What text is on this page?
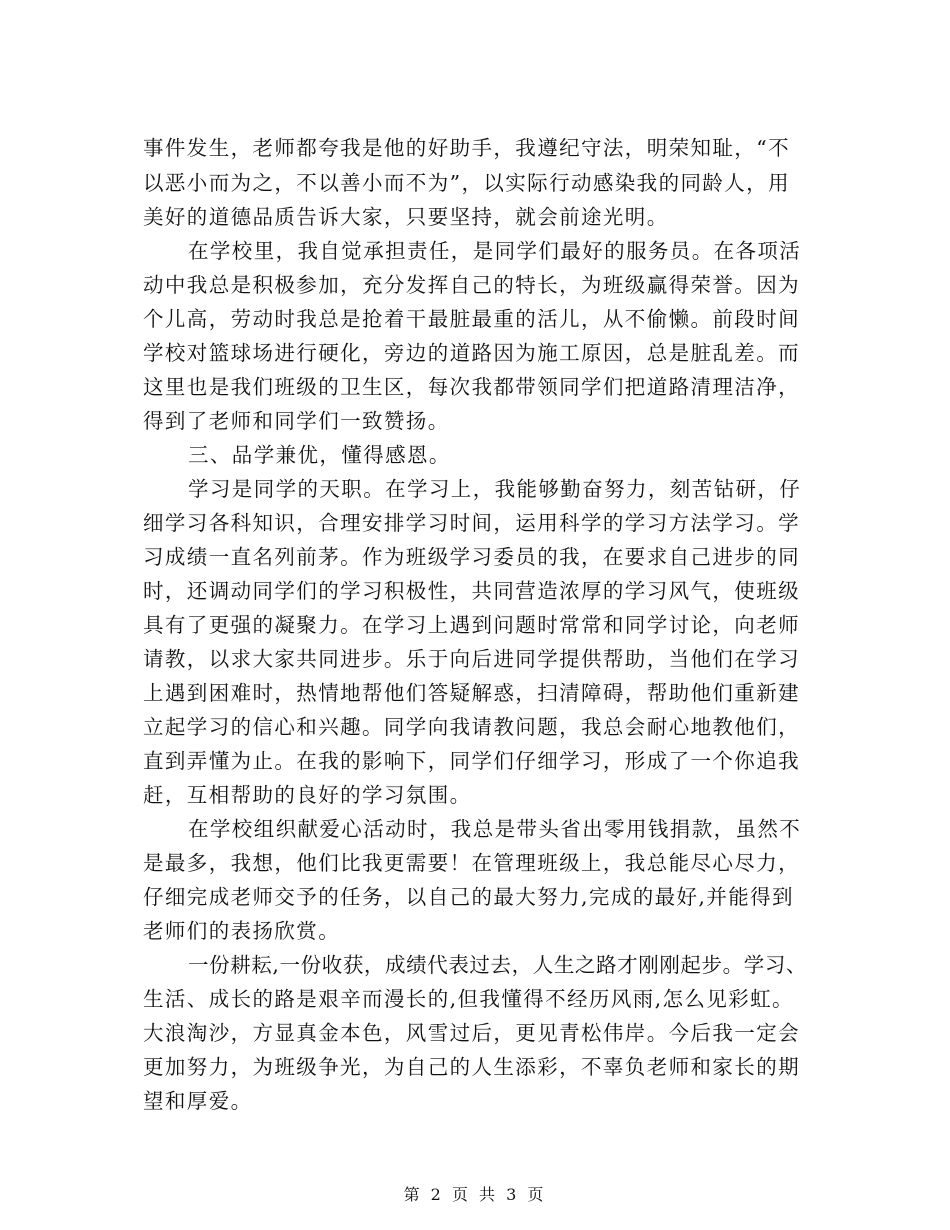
事件发生，老师都夸我是他的好助手，我遵纪守法，明荣知耻，“不
以恶小而为之，不以善小而不为”，以实际行动感染我的同龄人，用
美好的道德品质告诉大家，只要坚持，就会前途光明。
在学校里，我自觉承担责任，是同学们最好的服务员。在各项活
动中我总是积极参加，充分发挥自己的特长，为班级赢得荣誉。因为
个儿高，劳动时我总是抢着干最脏最重的活儿，从不偷懒。前段时间
学校对篮球场进行硬化，旁边的道路因为施工原因，总是脏乱差。而
这里也是我们班级的卫生区，每次我都带领同学们把道路清理洁净，
得到了老师和同学们一致赞扬。
三、品学兼优，懂得感恩。
学习是同学的天职。在学习上，我能够勤奋努力，刻苦钻研，仔
细学习各科知识，合理安排学习时间，运用科学的学习方法学习。学
习成绩一直名列前茅。作为班级学习委员的我，在要求自己进步的同
时，还调动同学们的学习积极性，共同营造浓厚的学习风气，使班级
具有了更强的凝聚力。在学习上遇到问题时常常和同学讨论，向老师
请教，以求大家共同进步。乐于向后进同学提供帮助，当他们在学习
上遇到困难时，热情地帮他们答疑解惑，扫清障碍，帮助他们重新建
立起学习的信心和兴趣。同学向我请教问题，我总会耐心地教他们，
直到弄懂为止。在我的影响下，同学们仔细学习，形成了一个你追我
赶，互相帮助的良好的学习氛围。
在学校组织献爱心活动时，我总是带头省出零用钱捐款，虽然不
是最多，我想，他们比我更需要！在管理班级上，我总能尽心尽力，
仔细完成老师交予的任务，以自己的最大努力,完成的最好,并能得到
老师们的表扬欣赏。
一份耕耘,一份收获，成绩代表过去，人生之路才刚刚起步。学习、
生活、成长的路是艰辛而漫长的,但我懂得不经历风雨,怎么见彩虹。
大浪淘沙，方显真金本色，风雪过后，更见青松伟岸。今后我一定会
更加努力，为班级争光，为自己的人生添彩，不辜负老师和家长的期
望和厚爱。
第 2 页 共 3 页
